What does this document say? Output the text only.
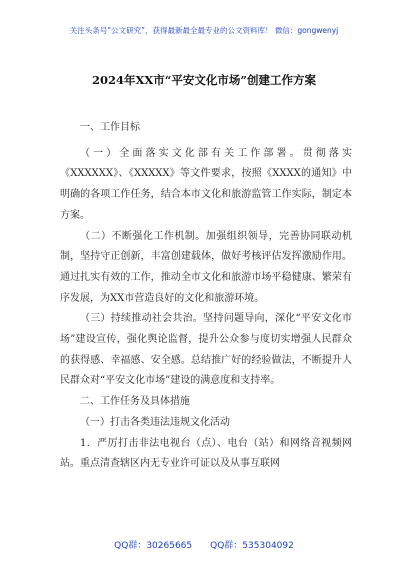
关注头条号“公文研究”，获得最新最全最专业的公文资料库！ 微信：gongwenyj
2024年XX市“平安文化市场”创建工作方案

一、工作目标

（一）全面落实文化部有关工作部署。贯彻落实《XXXXXX》、《XXXXX》等文件要求，按照《XXXX的通知》中明确的各项工作任务，结合本市文化和旅游监管工作实际，制定本方案。

（二）不断强化工作机制。加强组织领导，完善协同联动机制，坚持守正创新，丰富创建载体，做好考核评估发挥激励作用。通过扎实有效的工作，推动全市文化和旅游市场平稳健康、繁荣有序发展，为XX市营造良好的文化和旅游环境。

（三）持续推动社会共治。坚持问题导向，深化“平安文化市场”建设宣传，强化舆论监督，提升公众参与度切实增强人民群众的获得感、幸福感、安全感。总结推广好的经验做法，不断提升人民群众对“平安文化市场”建设的满意度和支持率。

二、工作任务及具体措施

（一）打击各类违法违规文化活动

1．严厉打击非法电视台（点）、电台（站）和网络音视频网站。重点清查辖区内无专业许可证以及从事互联网

QQ群：30265665 QQ群：535304092
